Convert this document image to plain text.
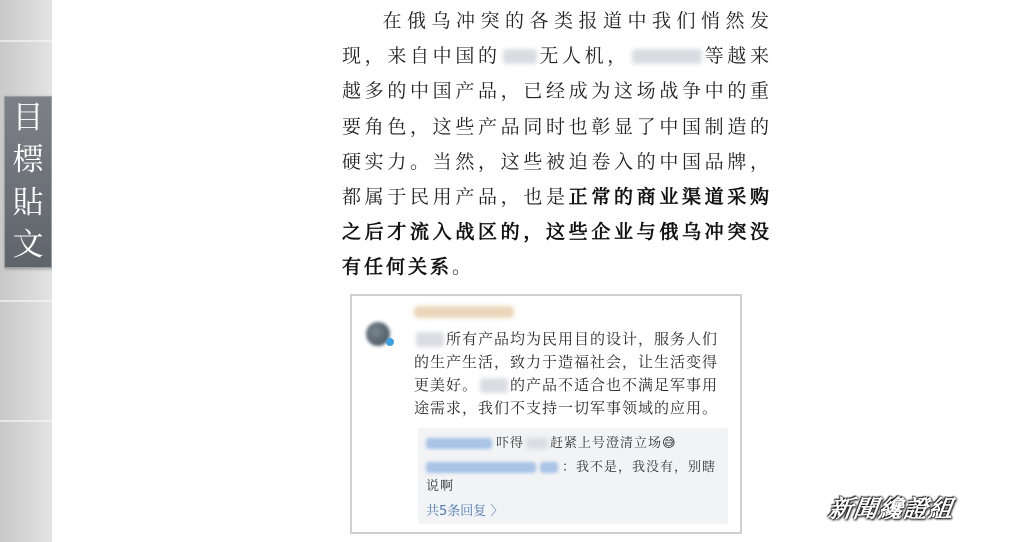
目
標
貼
文
在俄乌冲突的各类报道中我们悄然发现，来自中国的 无人机，	等越来越多的中国产品，已经成为这场战争中的重要角色，这些产品同时也彰显了中国制造的硬实力。当然，这些被迫卷入的中国品牌，都属于民用产品，也是正常的商业渠道采购之后才流入战区的，这些企业与俄乌冲突没有任何关系。
所有产品均为民用目的设计，服务人们的生产生活，致力于造福社会，让生活变得更美好。 的产品不适合也不满足军事用途需求，我们不支持一切军事领域的应用。
吓得 赶紧上号澄清立场😅
：我不是，我没有，别瞎说啊
共5条回复 〉	新聞纔證組
